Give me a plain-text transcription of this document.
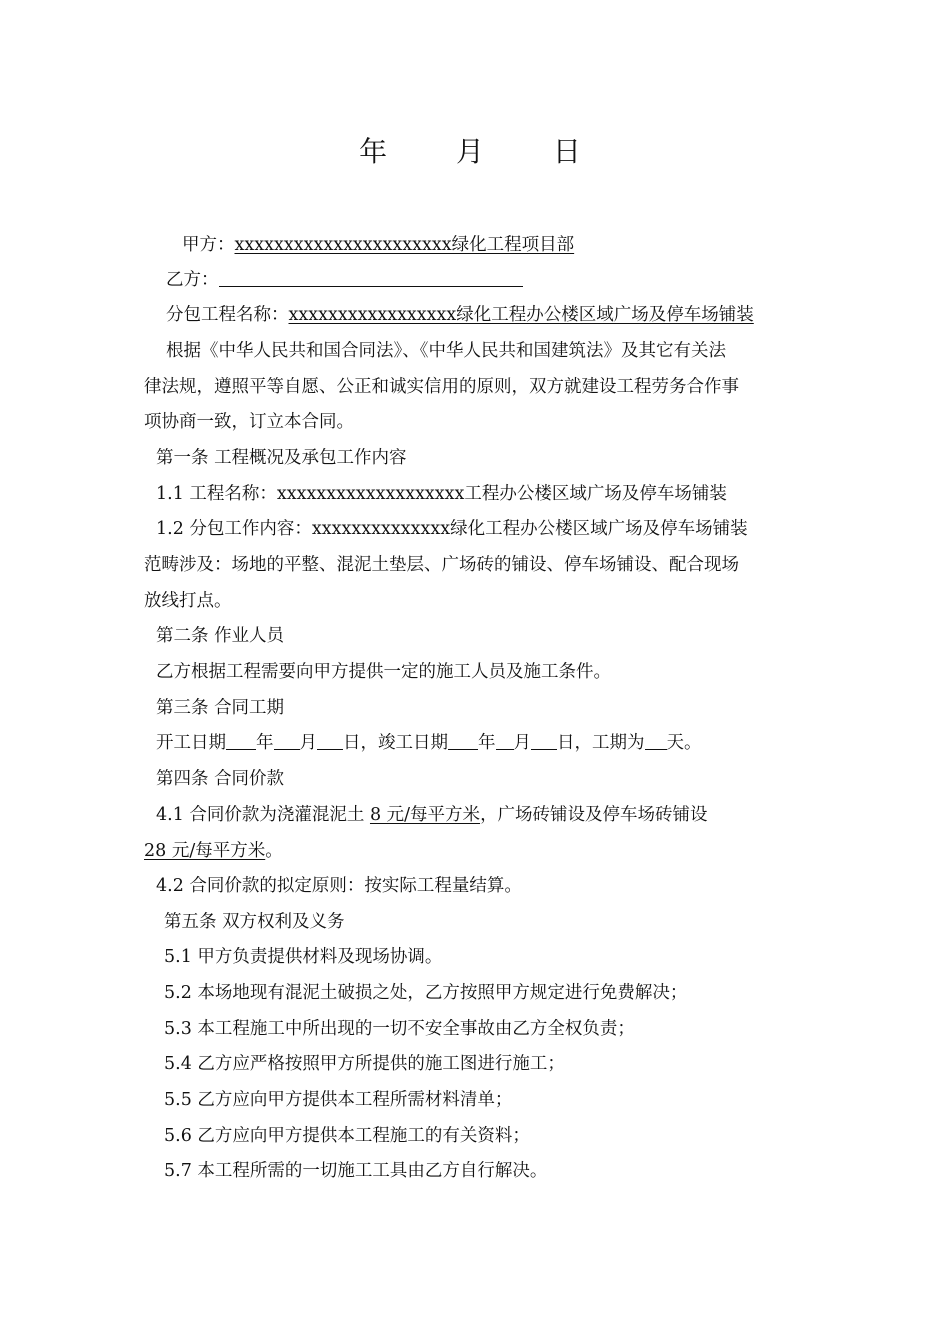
年 月 日
甲方：xxxxxxxxxxxxxxxxxxxxxx绿化工程项目部
乙方：
分包工程名称：xxxxxxxxxxxxxxxxx绿化工程办公楼区域广场及停车场铺装
根据《中华人民共和国合同法》、《中华人民共和国建筑法》及其它有关法
律法规，遵照平等自愿、公正和诚实信用的原则，双方就建设工程劳务合作事
项协商一致，订立本合同。
第一条 工程概况及承包工作内容
1.1 工程名称：xxxxxxxxxxxxxxxxxxx工程办公楼区域广场及停车场铺装
1.2 分包工作内容：xxxxxxxxxxxxxx绿化工程办公楼区域广场及停车场铺装
范畴涉及：场地的平整、混泥土垫层、广场砖的铺设、停车场铺设、配合现场
放线打点。
第二条 作业人员
乙方根据工程需要向甲方提供一定的施工人员及施工条件。
第三条 合同工期
开工日期 年 月 日，竣工日期 年 月 日，工期为 天。
第四条 合同价款
4.1 合同价款为浇灌混泥土 8 元/每平方米，广场砖铺设及停车场砖铺设
28 元/每平方米。
4.2 合同价款的拟定原则：按实际工程量结算。
第五条 双方权利及义务
5.1 甲方负责提供材料及现场协调。
5.2 本场地现有混泥土破损之处，乙方按照甲方规定进行免费解决；
5.3 本工程施工中所出现的一切不安全事故由乙方全权负责；
5.4 乙方应严格按照甲方所提供的施工图进行施工；
5.5 乙方应向甲方提供本工程所需材料清单；
5.6 乙方应向甲方提供本工程施工的有关资料；
5.7 本工程所需的一切施工工具由乙方自行解决。
